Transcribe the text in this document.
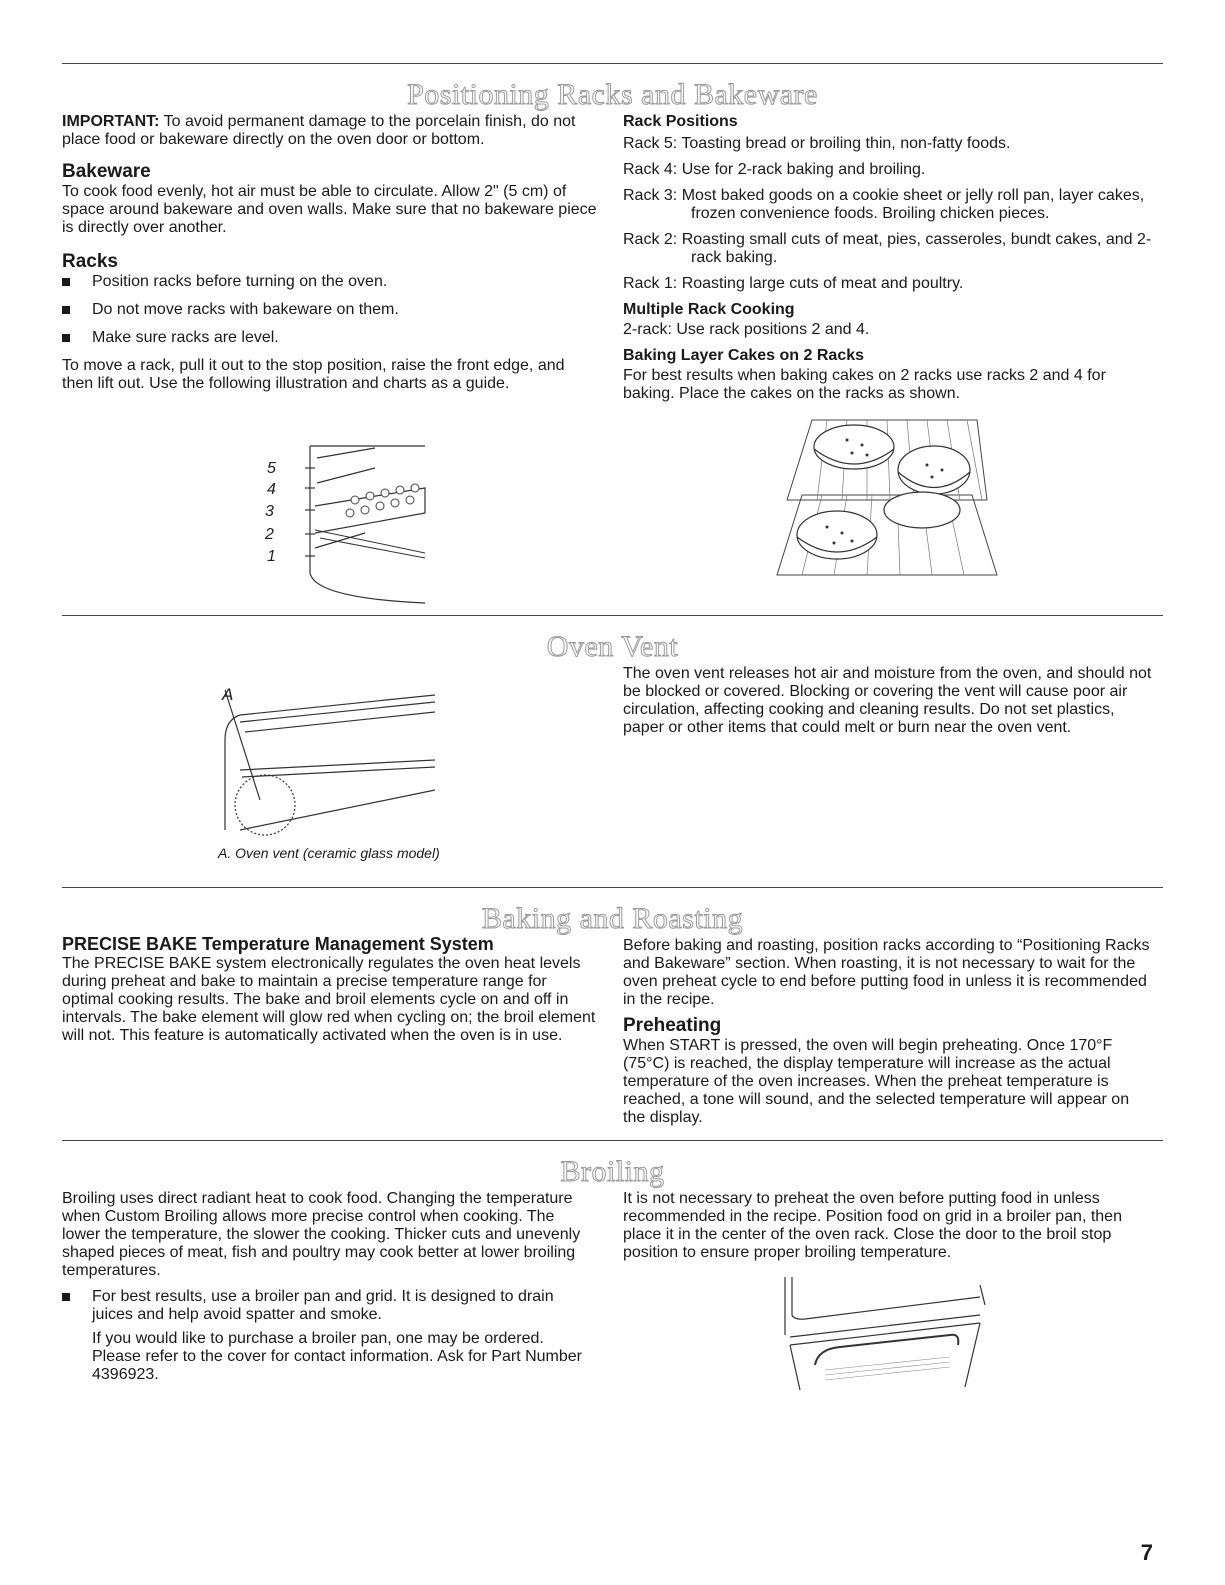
Positioning Racks and Bakeware

IMPORTANT: To avoid permanent damage to the porcelain finish, do not place food or bakeware directly on the oven door or bottom.

Bakeware

To cook food evenly, hot air must be able to circulate. Allow 2" (5 cm) of space around bakeware and oven walls. Make sure that no bakeware piece is directly over another.

Racks
Position racks before turning on the oven.
Do not move racks with bakeware on them.
Make sure racks are level.

To move a rack, pull it out to the stop position, raise the front edge, and then lift out. Use the following illustration and charts as a guide.

5
4
3
2
1
Rack Positions

Rack 5: Toasting bread or broiling thin, non-fatty foods.

Rack 4: Use for 2-rack baking and broiling.

Rack 3: Most baked goods on a cookie sheet or jelly roll pan, layer cakes, frozen convenience foods. Broiling chicken pieces.

Rack 2: Roasting small cuts of meat, pies, casseroles, bundt cakes, and 2-rack baking.

Rack 1: Roasting large cuts of meat and poultry.

Multiple Rack Cooking

2-rack: Use rack positions 2 and 4.

Baking Layer Cakes on 2 Racks

For best results when baking cakes on 2 racks use racks 2 and 4 for baking. Place the cakes on the racks as shown.

Oven Vent
A
A. Oven vent (ceramic glass model)

The oven vent releases hot air and moisture from the oven, and should not be blocked or covered. Blocking or covering the vent will cause poor air circulation, affecting cooking and cleaning results. Do not set plastics, paper or other items that could melt or burn near the oven vent.

Baking and Roasting
PRECISE BAKE Temperature Management System

The PRECISE BAKE system electronically regulates the oven heat levels during preheat and bake to maintain a precise temperature range for optimal cooking results. The bake and broil elements cycle on and off in intervals. The bake element will glow red when cycling on; the broil element will not. This feature is automatically activated when the oven is in use.

Before baking and roasting, position racks according to “Positioning Racks and Bakeware” section. When roasting, it is not necessary to wait for the oven preheat cycle to end before putting food in unless it is recommended in the recipe.

Preheating

When START is pressed, the oven will begin preheating. Once 170°F (75°C) is reached, the display temperature will increase as the actual temperature of the oven increases. When the preheat temperature is reached, a tone will sound, and the selected temperature will appear on the display.

Broiling

Broiling uses direct radiant heat to cook food. Changing the temperature when Custom Broiling allows more precise control when cooking. The lower the temperature, the slower the cooking. Thicker cuts and unevenly shaped pieces of meat, fish and poultry may cook better at lower broiling temperatures.

For best results, use a broiler pan and grid. It is designed to drain juices and help avoid spatter and smoke.

If you would like to purchase a broiler pan, one may be ordered. Please refer to the cover for contact information. Ask for Part Number 4396923.

It is not necessary to preheat the oven before putting food in unless recommended in the recipe. Position food on grid in a broiler pan, then place it in the center of the oven rack. Close the door to the broil stop position to ensure proper broiling temperature.

7
